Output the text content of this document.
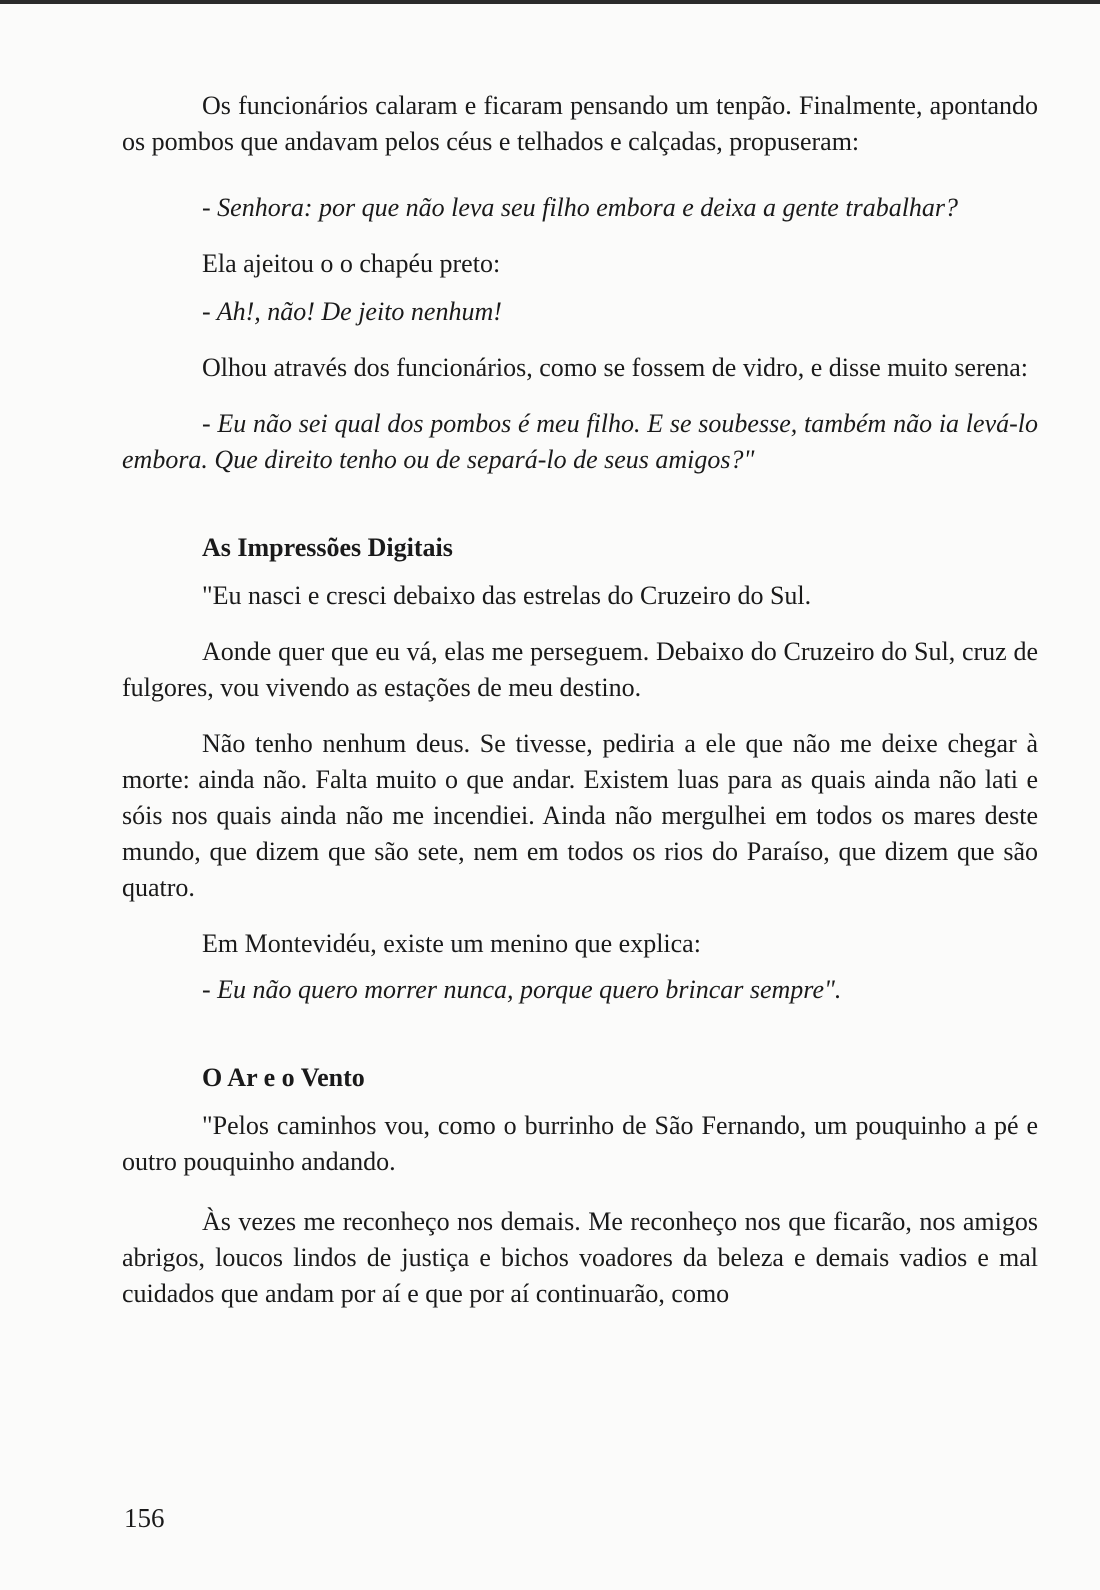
Os funcionários calaram e ficaram pensando um tenpão. Finalmente, apontando os pombos que andavam pelos céus e telhados e calçadas, propuseram:

- Senhora: por que não leva seu filho embora e deixa a gente trabalhar?

Ela ajeitou o o chapéu preto:

- Ah!, não! De jeito nenhum!

Olhou através dos funcionários, como se fossem de vidro, e disse muito serena:

- Eu não sei qual dos pombos é meu filho. E se soubesse, também não ia levá-lo embora. Que direito tenho ou de separá-lo de seus amigos?"

As Impressões Digitais

"Eu nasci e cresci debaixo das estrelas do Cruzeiro do Sul.

Aonde quer que eu vá, elas me perseguem. Debaixo do Cruzeiro do Sul, cruz de fulgores, vou vivendo as estações de meu destino.

Não tenho nenhum deus. Se tivesse, pediria a ele que não me deixe chegar à morte: ainda não. Falta muito o que andar. Existem luas para as quais ainda não lati e sóis nos quais ainda não me incendiei. Ainda não mergulhei em todos os mares deste mundo, que dizem que são sete, nem em todos os rios do Paraíso, que dizem que são quatro.

Em Montevidéu, existe um menino que explica:

- Eu não quero morrer nunca, porque quero brincar sempre".

O Ar e o Vento

"Pelos caminhos vou, como o burrinho de São Fernando, um pouquinho a pé e outro pouquinho andando.

Às vezes me reconheço nos demais. Me reconheço nos que ficarão, nos amigos abrigos, loucos lindos de justiça e bichos voadores da beleza e demais vadios e mal cuidados que andam por aí e que por aí continuarão, como

156
